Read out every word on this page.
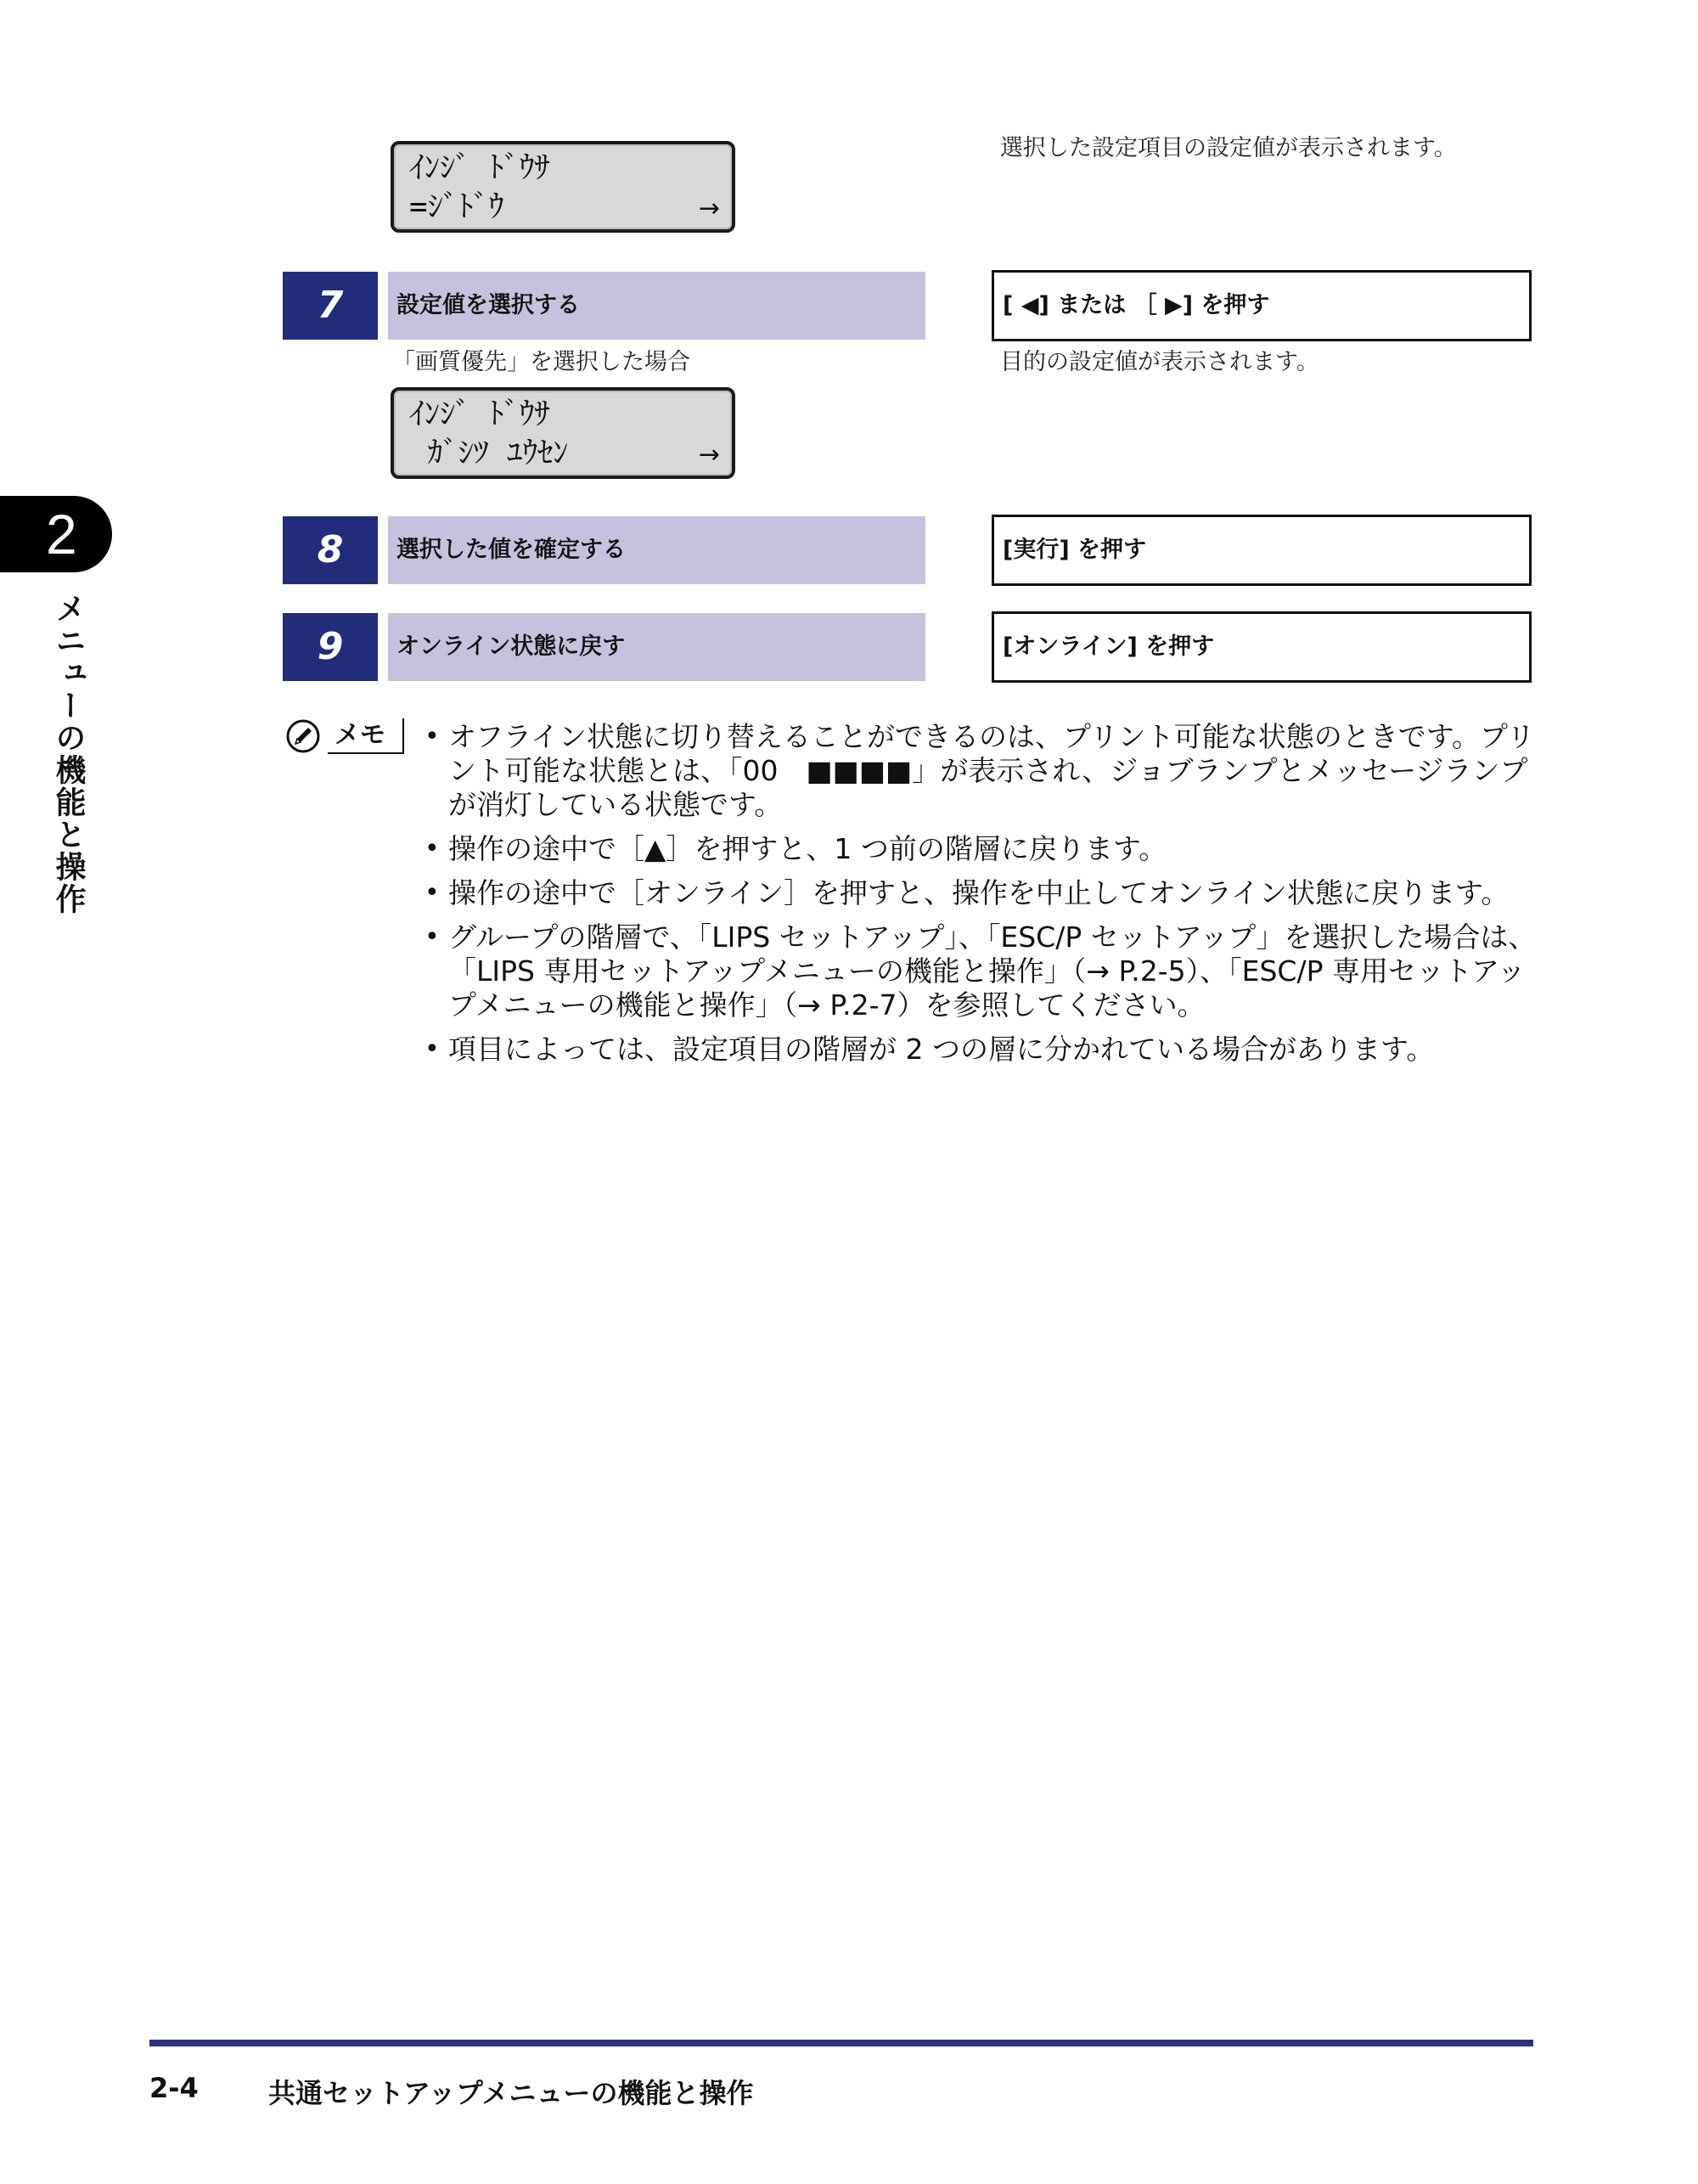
ｲﾝｼﾞ ﾄﾞｳｻ
=ｼﾞﾄﾞｳ	→
選択した設定項目の設定値が表示されます。
7	設定値を選択する	[ ◀] または ［ ▶] を押す
「画質優先」を選択した場合	目的の設定値が表示されます。
ｲﾝｼﾞ ﾄﾞｳｻ
ｶﾞｼﾂ ﾕｳｾﾝ	→
8	選択した値を確定する	[実行] を押す
9	オンライン状態に戻す	[オンライン] を押す
2
メニューの機能と操作	メモ
•	オフライン状態に切り替えることができるのは、プリント可能な状態のときです。プリント可能な状態とは、「00　■■■■」が表示され、ジョブランプとメッセージランプが消灯している状態です。
• 操作の途中で［▲］を押すと、1 つ前の階層に戻ります。
• 操作の途中で［オンライン］を押すと、操作を中止してオンライン状態に戻ります。
• グループの階層で、「LIPS セットアップ」、「ESC/P セットアップ」を選択した場合は、「LIPS 専用セットアップメニューの機能と操作」（→ P.2-5）、「ESC/P 専用セットアップメニューの機能と操作」（→ P.2-7）を参照してください。
• 項目によっては、設定項目の階層が 2 つの層に分かれている場合があります。
2-4	共通セットアップメニューの機能と操作
